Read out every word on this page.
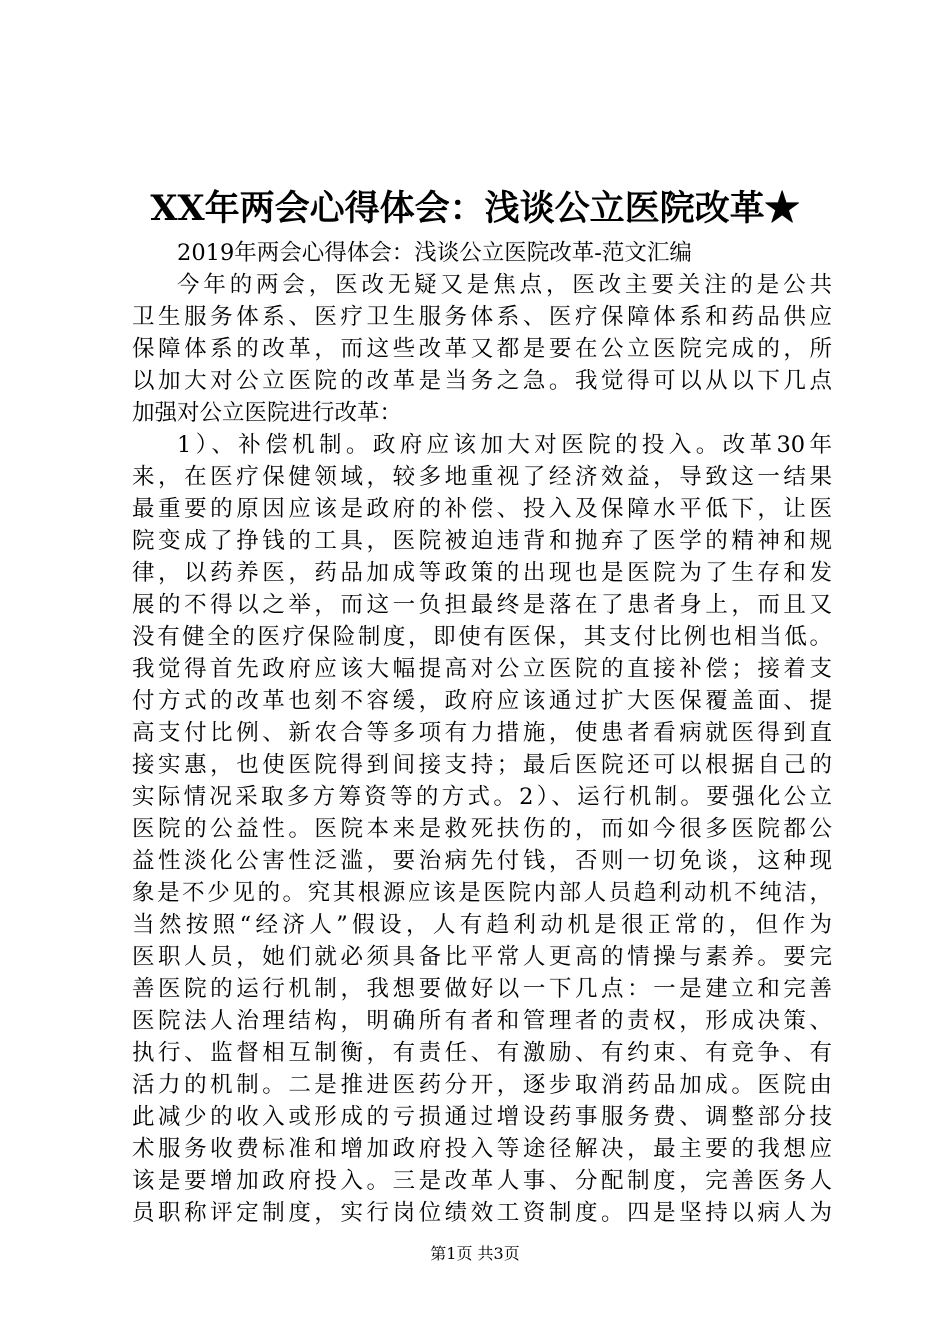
XX年两会心得体会：浅谈公立医院改革★
2019年两会心得体会：浅谈公立医院改革-范文汇编
今年的两会，医改无疑又是焦点，医改主要关注的是公共
卫生服务体系、医疗卫生服务体系、医疗保障体系和药品供应
保障体系的改革，而这些改革又都是要在公立医院完成的，所
以加大对公立医院的改革是当务之急。我觉得可以从以下几点
加强对公立医院进行改革：
1）、补偿机制。政府应该加大对医院的投入。改革30年
来，在医疗保健领域，较多地重视了经济效益，导致这一结果
最重要的原因应该是政府的补偿、投入及保障水平低下，让医
院变成了挣钱的工具，医院被迫违背和抛弃了医学的精神和规
律，以药养医，药品加成等政策的出现也是医院为了生存和发
展的不得以之举，而这一负担最终是落在了患者身上，而且又
没有健全的医疗保险制度，即使有医保，其支付比例也相当低。
我觉得首先政府应该大幅提高对公立医院的直接补偿；接着支
付方式的改革也刻不容缓，政府应该通过扩大医保覆盖面、提
高支付比例、新农合等多项有力措施，使患者看病就医得到直
接实惠，也使医院得到间接支持；最后医院还可以根据自己的
实际情况采取多方筹资等的方式。2）、运行机制。要强化公立
医院的公益性。医院本来是救死扶伤的，而如今很多医院都公
益性淡化公害性泛滥，要治病先付钱，否则一切免谈，这种现
象是不少见的。究其根源应该是医院内部人员趋利动机不纯洁，
当然按照“经济人”假设，人有趋利动机是很正常的，但作为
医职人员，她们就必须具备比平常人更高的情操与素养。要完
善医院的运行机制，我想要做好以一下几点：一是建立和完善
医院法人治理结构，明确所有者和管理者的责权，形成决策、
执行、监督相互制衡，有责任、有激励、有约束、有竞争、有
活力的机制。二是推进医药分开，逐步取消药品加成。医院由
此减少的收入或形成的亏损通过增设药事服务费、调整部分技
术服务收费标准和增加政府投入等途径解决，最主要的我想应
该是要增加政府投入。三是改革人事、分配制度，完善医务人
员职称评定制度，实行岗位绩效工资制度。四是坚持以病人为
第1页 共3页
